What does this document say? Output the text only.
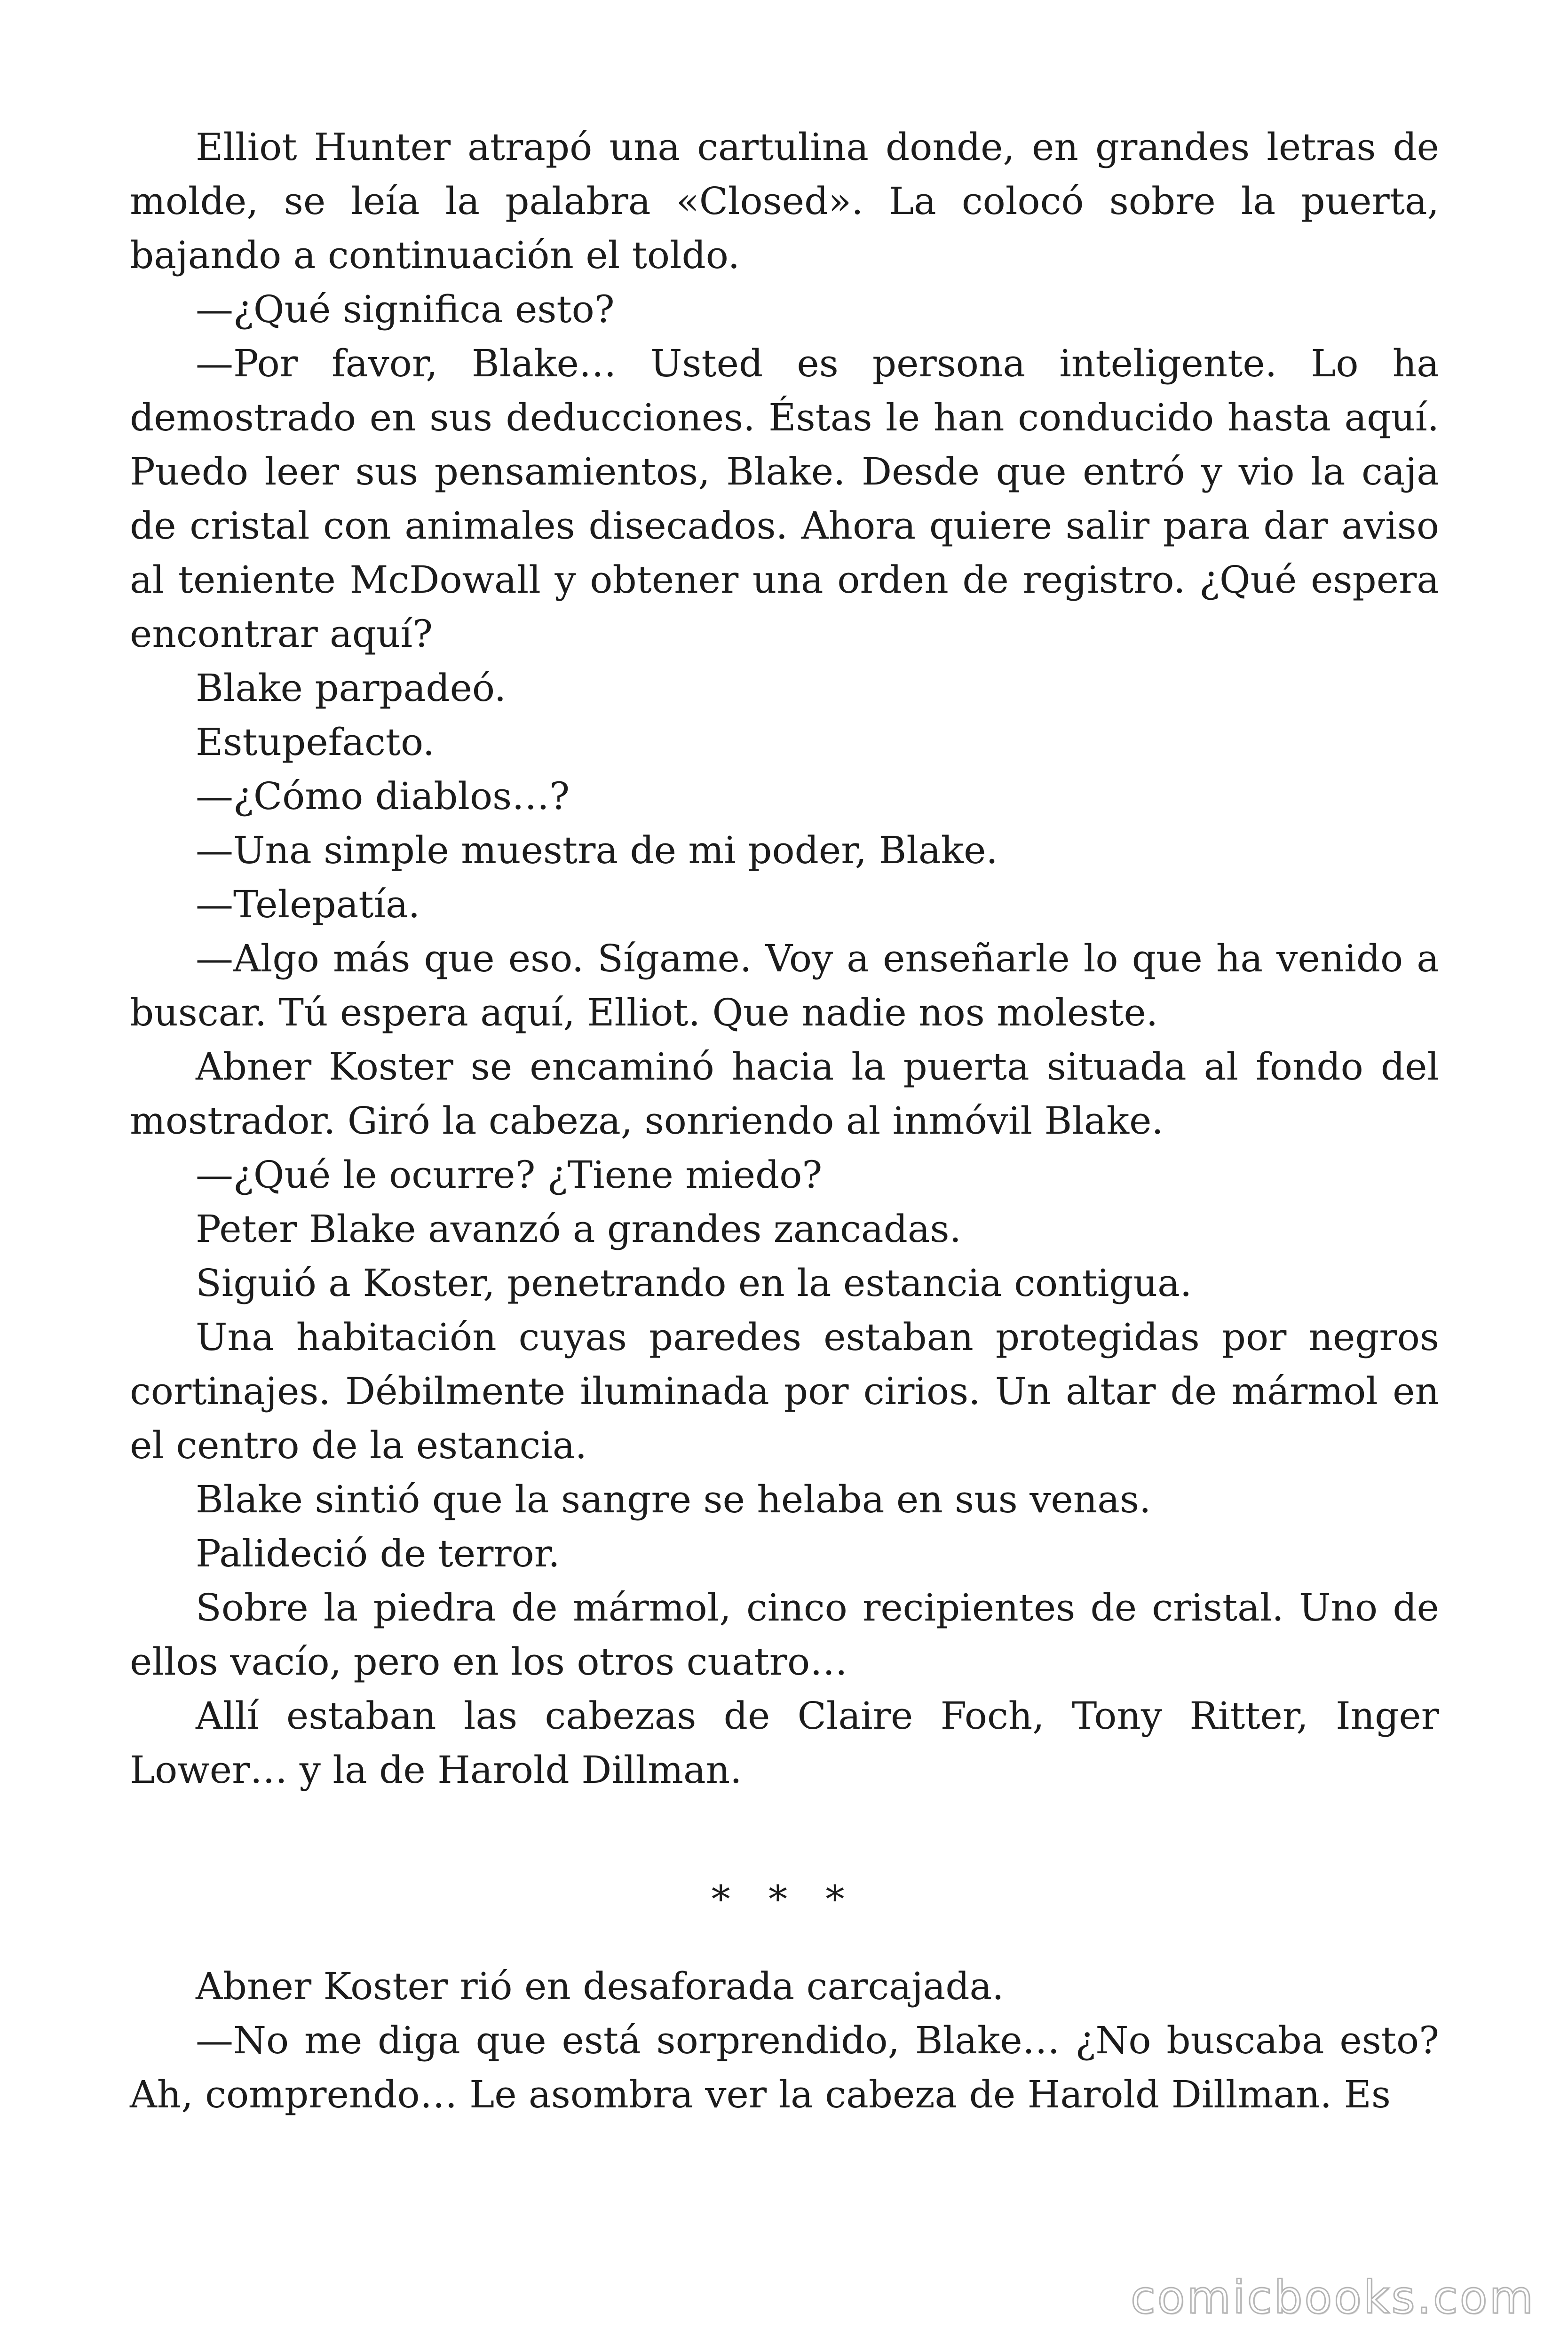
Elliot Hunter atrapó una cartulina donde, en grandes letras de molde, se leía la palabra «Closed». La colocó sobre la puerta, bajando a continuación el toldo.

—¿Qué significa esto?

—Por favor, Blake… Usted es persona inteligente. Lo ha demostrado en sus deducciones. Éstas le han conducido hasta aquí. Puedo leer sus pensamientos, Blake. Desde que entró y vio la caja de cristal con animales disecados. Ahora quiere salir para dar aviso al teniente McDowall y obtener una orden de registro. ¿Qué espera encontrar aquí?

Blake parpadeó.

Estupefacto.

—¿Cómo diablos…?

—Una simple muestra de mi poder, Blake.

—Telepatía.

—Algo más que eso. Sígame. Voy a enseñarle lo que ha venido a buscar. Tú espera aquí, Elliot. Que nadie nos moleste.

Abner Koster se encaminó hacia la puerta situada al fondo del mostrador. Giró la cabeza, sonriendo al inmóvil Blake.

—¿Qué le ocurre? ¿Tiene miedo?

Peter Blake avanzó a grandes zancadas.

Siguió a Koster, penetrando en la estancia contigua.

Una habitación cuyas paredes estaban protegidas por negros cortinajes. Débilmente iluminada por cirios. Un altar de mármol en el centro de la estancia.

Blake sintió que la sangre se helaba en sus venas.

Palideció de terror.

Sobre la piedra de mármol, cinco recipientes de cristal. Uno de ellos vacío, pero en los otros cuatro…

Allí estaban las cabezas de Claire Foch, Tony Ritter, Inger Lower… y la de Harold Dillman.

* * *

Abner Koster rió en desaforada carcajada.

—No me diga que está sorprendido, Blake… ¿No buscaba esto? Ah, comprendo… Le asombra ver la cabeza de Harold Dillman. Es

comicbooks.com
